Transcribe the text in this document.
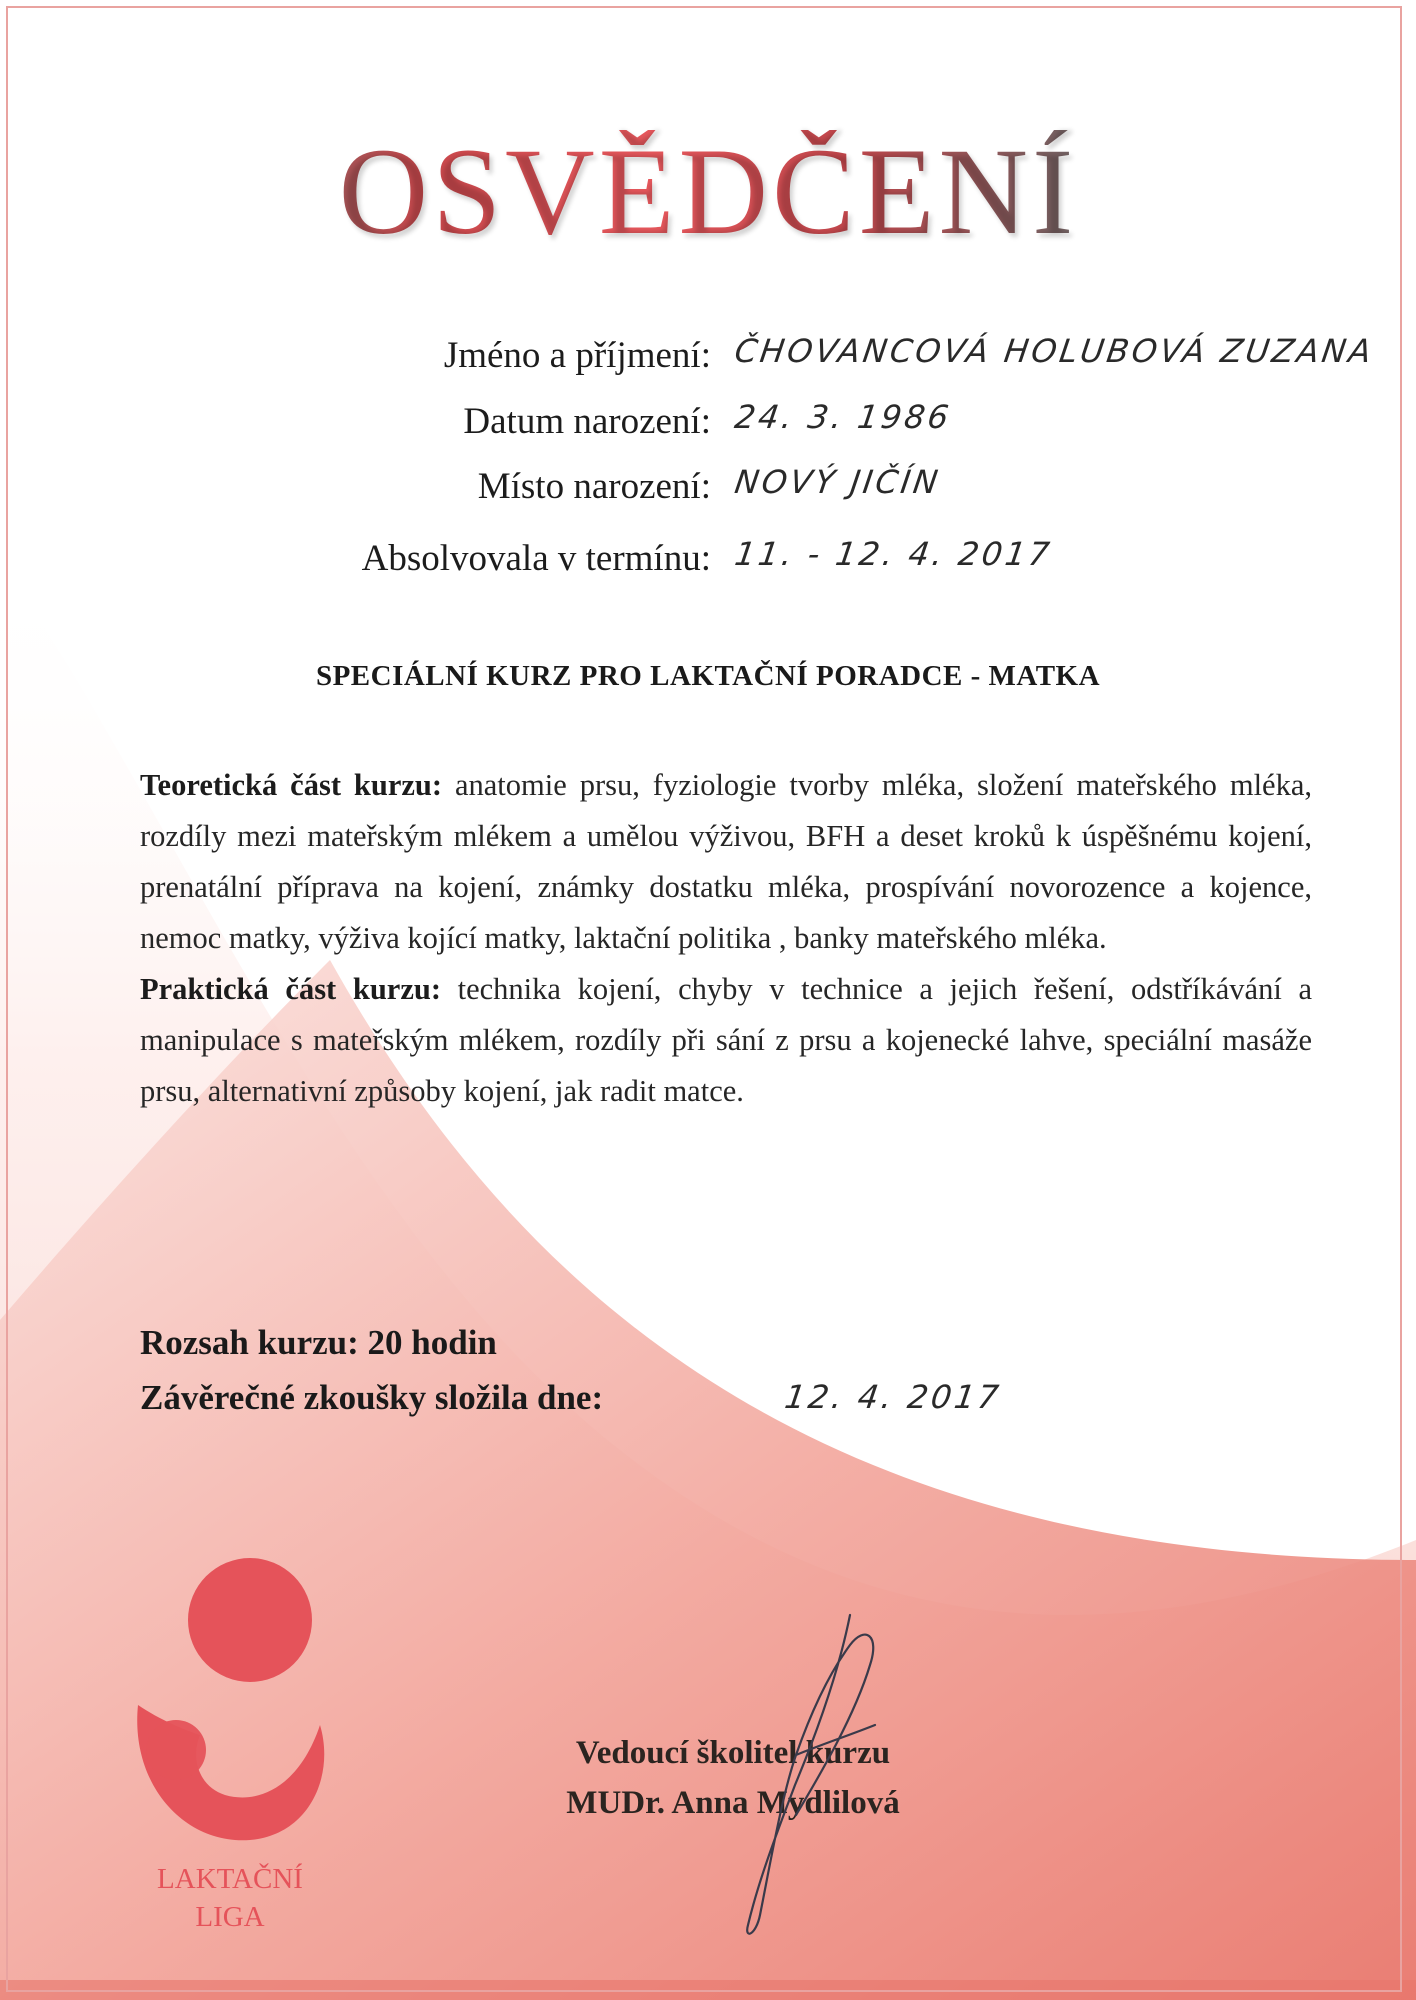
OSVĚDČENÍ
Jméno a příjmení: ČHOVANCOVÁ HOLUBOVÁ ZUZANA
Datum narození: 24. 3. 1986
Místo narození: NOVÝ JIČÍN
Absolvovala v termínu: 11. - 12. 4. 2017
SPECIÁLNÍ KURZ PRO LAKTAČNÍ PORADCE - MATKA

Teoretická část kurzu: anatomie prsu, fyziologie tvorby mléka, složení mateřského mléka, rozdíly mezi mateřským mlékem a umělou výživou, BFH a deset kroků k úspěšnému kojení, prenatální příprava na kojení, známky dostatku mléka, prospívání novorozence a kojence, nemoc matky, výživa kojící matky, laktační politika , banky mateřského mléka.

Praktická část kurzu: technika kojení, chyby v technice a jejich řešení, odstříkávání a manipulace s mateřským mlékem, rozdíly při sání z prsu a kojenecké lahve, speciální masáže prsu, alternativní způsoby kojení, jak radit matce.

Rozsah kurzu: 20 hodin
Závěrečné zkoušky složila dne:	12. 4. 2017
Vedoucí školitel kurzu
MUDr. Anna Mydlilová
LAKTAČNÍ
LIGA
